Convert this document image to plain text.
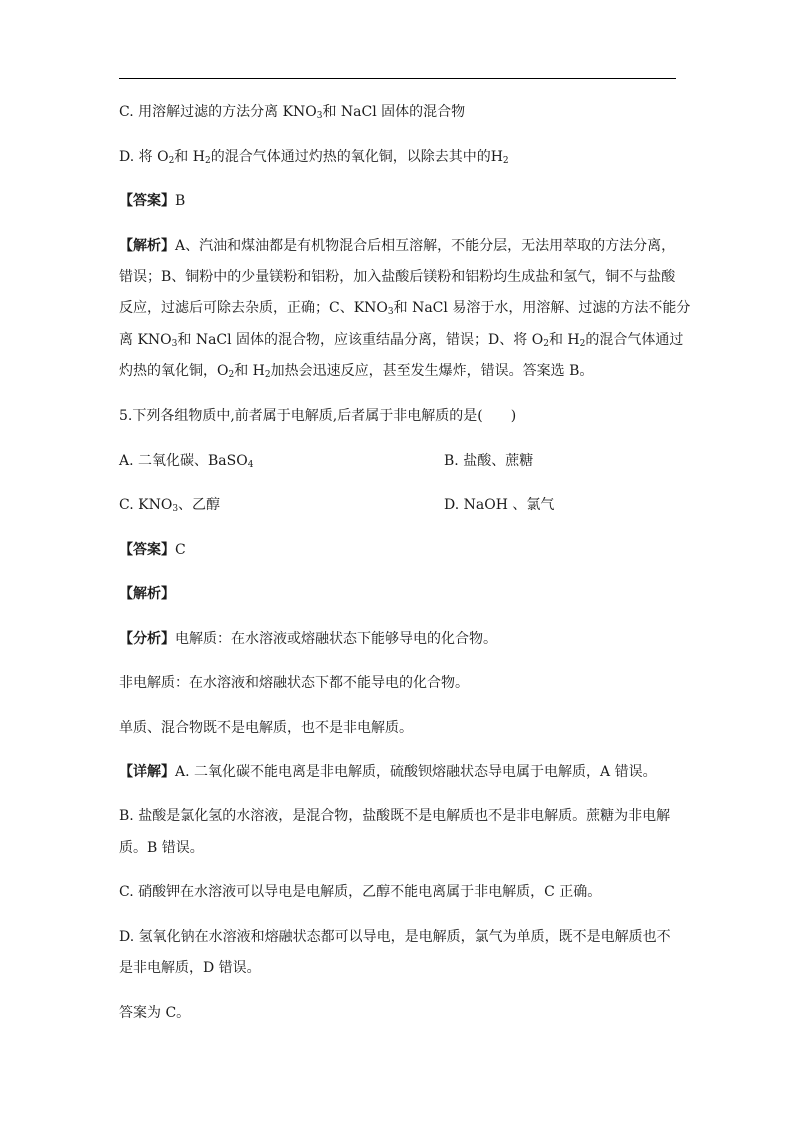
C. 用溶解过滤的方法分离 $KNO_3$和 NaCl 固体的混合物
D. 将 $O_2$和 $H_2$的混合气体通过灼热的氧化铜，以除去其中的$H_2$
【答案】B
【解析】A、汽油和煤油都是有机物混合后相互溶解，不能分层，无法用萃取的方法分离，
错误；B、铜粉中的少量镁粉和铝粉，加入盐酸后镁粉和铝粉均生成盐和氢气，铜不与盐酸
反应，过滤后可除去杂质，正确；C、$KNO_3$和 NaCl 易溶于水，用溶解、过滤的方法不能分
离 $KNO_3$和 NaCl 固体的混合物，应该重结晶分离，错误；D、将 $O_2$和 $H_2$的混合气体通过
灼热的氧化铜，$O_2$和 $H_2$加热会迅速反应，甚至发生爆炸，错误。答案选 B。
5.下列各组物质中,前者属于电解质,后者属于非电解质的是(　　)
A. 二氧化碳、BaSO$_4$	B. 盐酸、蔗糖
C. $KNO_3$、乙醇	D. NaOH 、氯气
【答案】C
【解析】
【分析】电解质：在水溶液或熔融状态下能够导电的化合物。
非电解质：在水溶液和熔融状态下都不能导电的化合物。
单质、混合物既不是电解质，也不是非电解质。
【详解】A. 二氧化碳不能电离是非电解质，硫酸钡熔融状态导电属于电解质，A 错误。
B. 盐酸是氯化氢的水溶液，是混合物，盐酸既不是电解质也不是非电解质。蔗糖为非电解
质。B 错误。
C. 硝酸钾在水溶液可以导电是电解质，乙醇不能电离属于非电解质，C 正确。
D. 氢氧化钠在水溶液和熔融状态都可以导电，是电解质，氯气为单质，既不是电解质也不
是非电解质，D 错误。
答案为 C。
